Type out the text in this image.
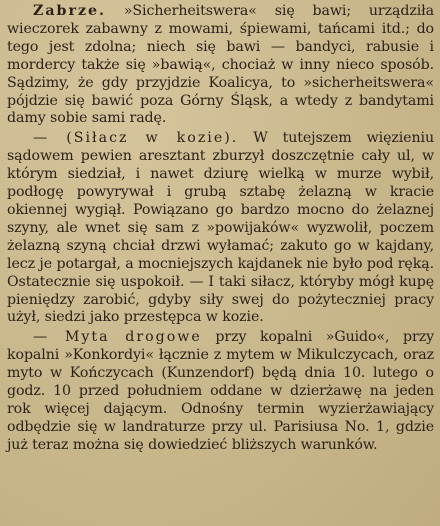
Zabrze. »Sicherheitswera« się bawi; urządziła wieczorek zabawny z mowami, śpiewami, tańcami itd.; do tego jest zdolna; niech się bawi — bandyci, rabusie i mordercy także się »bawią«, chociaż w inny nieco sposób. Sądzimy, że gdy przyjdzie Koalicya, to »sicherheitswera« pójdzie się bawić poza Górny Śląsk, a wtedy z bandytami damy sobie sami radę.

— (Siłacz w kozie). W tutejszem więzieniu sądowem pewien aresztant zburzył doszczętnie cały ul, w którym siedział, i nawet dziurę wielką w murze wybił, podłogę powyrywał i grubą sztabę żelazną w kracie okiennej wygiął. Powiązano go bardzo mocno do żelaznej szyny, ale wnet się sam z »powijaków« wyzwolił, poczem żelazną szyną chciał drzwi wyłamać; zakuto go w kajdany, lecz je potargał, a mocniejszych kajdanek nie było pod ręką. Ostatecznie się uspokoił. — I taki siłacz, któryby mógł kupę pieniędzy zarobić, gdyby siły swej do pożyteczniej pracy użył, siedzi jako przestępca w kozie.

— Myta drogowe przy kopalni »Guido«, przy kopalni »Konkordyi« łącznie z mytem w Mikulczycach, oraz myto w Kończycach (Kunzendorf) będą dnia 10. lutego o godz. 10 przed południem oddane w dzierżawę na jeden rok więcej dającym. Odnośny termin wyzierżawiający odbędzie się w landraturze przy ul. Parisiusa No. 1, gdzie już teraz można się dowiedzieć bliższych warunków.
